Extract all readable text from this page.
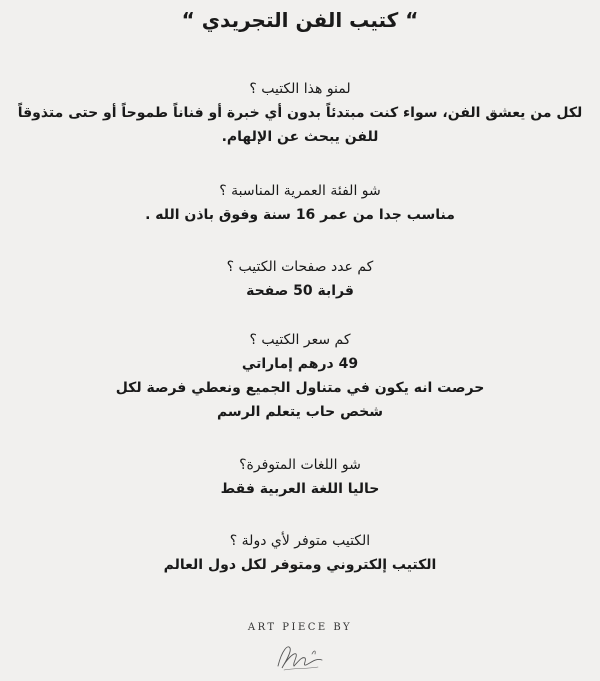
“ كتيب الفن التجريدي “
لمنو هذا الكتيب ؟
لكل من يعشق الفن، سواء كنت مبتدئاً بدون أي خبرة أو فناناً طموحاً أو حتى متذوقاً
للفن يبحث عن الإلهام.
شو الفئة العمرية المناسبة ؟
مناسب جدا من عمر 16 سنة وفوق باذن الله .
كم عدد صفحات الكتيب ؟
قرابة 50 صفحة
كم سعر الكتيب ؟
49 درهم إماراتي
حرصت انه يكون في متناول الجميع ونعطي فرصة لكل
شخص حاب يتعلم الرسم
شو اللغات المتوفرة؟
حاليا اللغة العربية فقط
الكتيب متوفر لأي دولة ؟
الكتيب إلكتروني ومتوفر لكل دول العالم
ART PIECE BY
